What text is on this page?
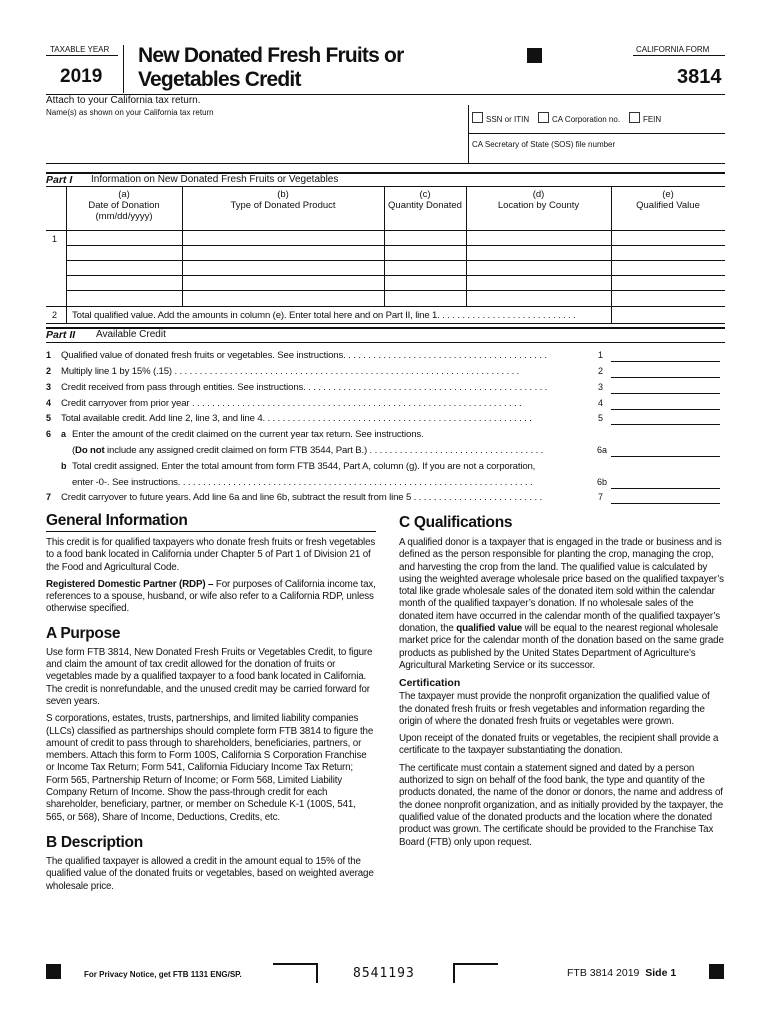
TAXABLE YEAR
2019
New Donated Fresh Fruits or
Vegetables Credit
CALIFORNIA FORM
3814
Attach to your California tax return.
Name(s) as shown on your California tax return
SSN or ITIN	CA Corporation no.	FEIN
CA Secretary of State (SOS) file number
Part I Information on New Donated Fresh Fruits or Vegetables
(a)
Date of Donation
(mm/dd/yyyy)
(b)
Type of Donated Product
(c)
Quantity Donated
(d)
Location by County
(e)
Qualified Value
1
2 Total qualified value. Add the amounts in column (e). Enter total here and on Part II, line 1. . . . . . . . . . . . . . . . . . . . . . . . . . . .
Part II Available Credit
1 Qualified value of donated fresh fruits or vegetables. See instructions. . . . . . . . . . . . . . . . . . . . . . . . . . . . . . . . . . . . . . . . .	1
2 Multiply line 1 by 15% (.15) . . . . . . . . . . . . . . . . . . . . . . . . . . . . . . . . . . . . . . . . . . . . . . . . . . . . . . . . . . . . . . . . . . . . .	2
3 Credit received from pass through entities. See instructions. . . . . . . . . . . . . . . . . . . . . . . . . . . . . . . . . . . . . . . . . . . . . . . . .	3
4 Credit carryover from prior year . . . . . . . . . . . . . . . . . . . . . . . . . . . . . . . . . . . . . . . . . . . . . . . . . . . . . . . . . . . . . . . . . .	4
5 Total available credit. Add line 2, line 3, and line 4. . . . . . . . . . . . . . . . . . . . . . . . . . . . . . . . . . . . . . . . . . . . . . . . . . . . . .	5
6 a Enter the amount of the credit claimed on the current year tax return. See instructions.
(Do not include any assigned credit claimed on form FTB 3544, Part B.) . . . . . . . . . . . . . . . . . . . . . . . . . . . . . . . . . . .	6a
b Total credit assigned. Enter the total amount from form FTB 3544, Part A, column (g). If you are not a corporation,
enter -0-. See instructions. . . . . . . . . . . . . . . . . . . . . . . . . . . . . . . . . . . . . . . . . . . . . . . . . . . . . . . . . . . . . . . . . . . . . . .	6b
7 Credit carryover to future years. Add line 6a and line 6b, subtract the result from line 5 . . . . . . . . . . . . . . . . . . . . . . . . . .	7
General Information

This credit is for qualified taxpayers who donate fresh fruits or fresh vegetables to a food bank located in California under Chapter 5 of Part 1 of Division 21 of the Food and Agricultural Code.

Registered Domestic Partner (RDP) – For purposes of California income tax, references to a spouse, husband, or wife also refer to a California RDP, unless otherwise specified.

A Purpose

Use form FTB 3814, New Donated Fresh Fruits or Vegetables Credit, to figure and claim the amount of tax credit allowed for the donation of fruits or vegetables made by a qualified taxpayer to a food bank located in California. The credit is nonrefundable, and the unused credit may be carried forward for seven years.

S corporations, estates, trusts, partnerships, and limited liability companies (LLCs) classified as partnerships should complete form FTB 3814 to figure the amount of credit to pass through to shareholders, beneficiaries, partners, or members. Attach this form to Form 100S, California S Corporation Franchise or Income Tax Return; Form 541, California Fiduciary Income Tax Return; Form 565, Partnership Return of Income; or Form 568, Limited Liability Company Return of Income. Show the pass-through credit for each shareholder, beneficiary, partner, or member on Schedule K-1 (100S, 541, 565, or 568), Share of Income, Deductions, Credits, etc.

B Description

The qualified taxpayer is allowed a credit in the amount equal to 15% of the qualified value of the donated fruits or vegetables, based on weighted average wholesale price.

C Qualifications

A qualified donor is a taxpayer that is engaged in the trade or business and is defined as the person responsible for planting the crop, managing the crop, and harvesting the crop from the land. The qualified value is calculated by using the weighted average wholesale price based on the qualified taxpayer’s total like grade wholesale sales of the donated item sold within the calendar month of the qualified taxpayer’s donation. If no wholesale sales of the donated item have occurred in the calendar month of the qualified taxpayer’s donation, the qualified value will be equal to the nearest regional wholesale market price for the calendar month of the donation based on the same grade products as published by the United States Department of Agriculture’s Agricultural Marketing Service or its successor.

Certification

The taxpayer must provide the nonprofit organization the qualified value of the donated fresh fruits or fresh vegetables and information regarding the origin of where the donated fresh fruits or vegetables were grown.

Upon receipt of the donated fruits or vegetables, the recipient shall provide a certificate to the taxpayer substantiating the donation.

The certificate must contain a statement signed and dated by a person authorized to sign on behalf of the food bank, the type and quantity of the products donated, the name of the donor or donors, the name and address of the donee nonprofit organization, and as initially provided by the taxpayer, the qualified value of the donated products and the location where the donated product was grown. The certificate should be provided to the Franchise Tax Board (FTB) only upon request.

For Privacy Notice, get FTB 1131 ENG/SP.	8541193	FTB 3814 2019 Side 1
